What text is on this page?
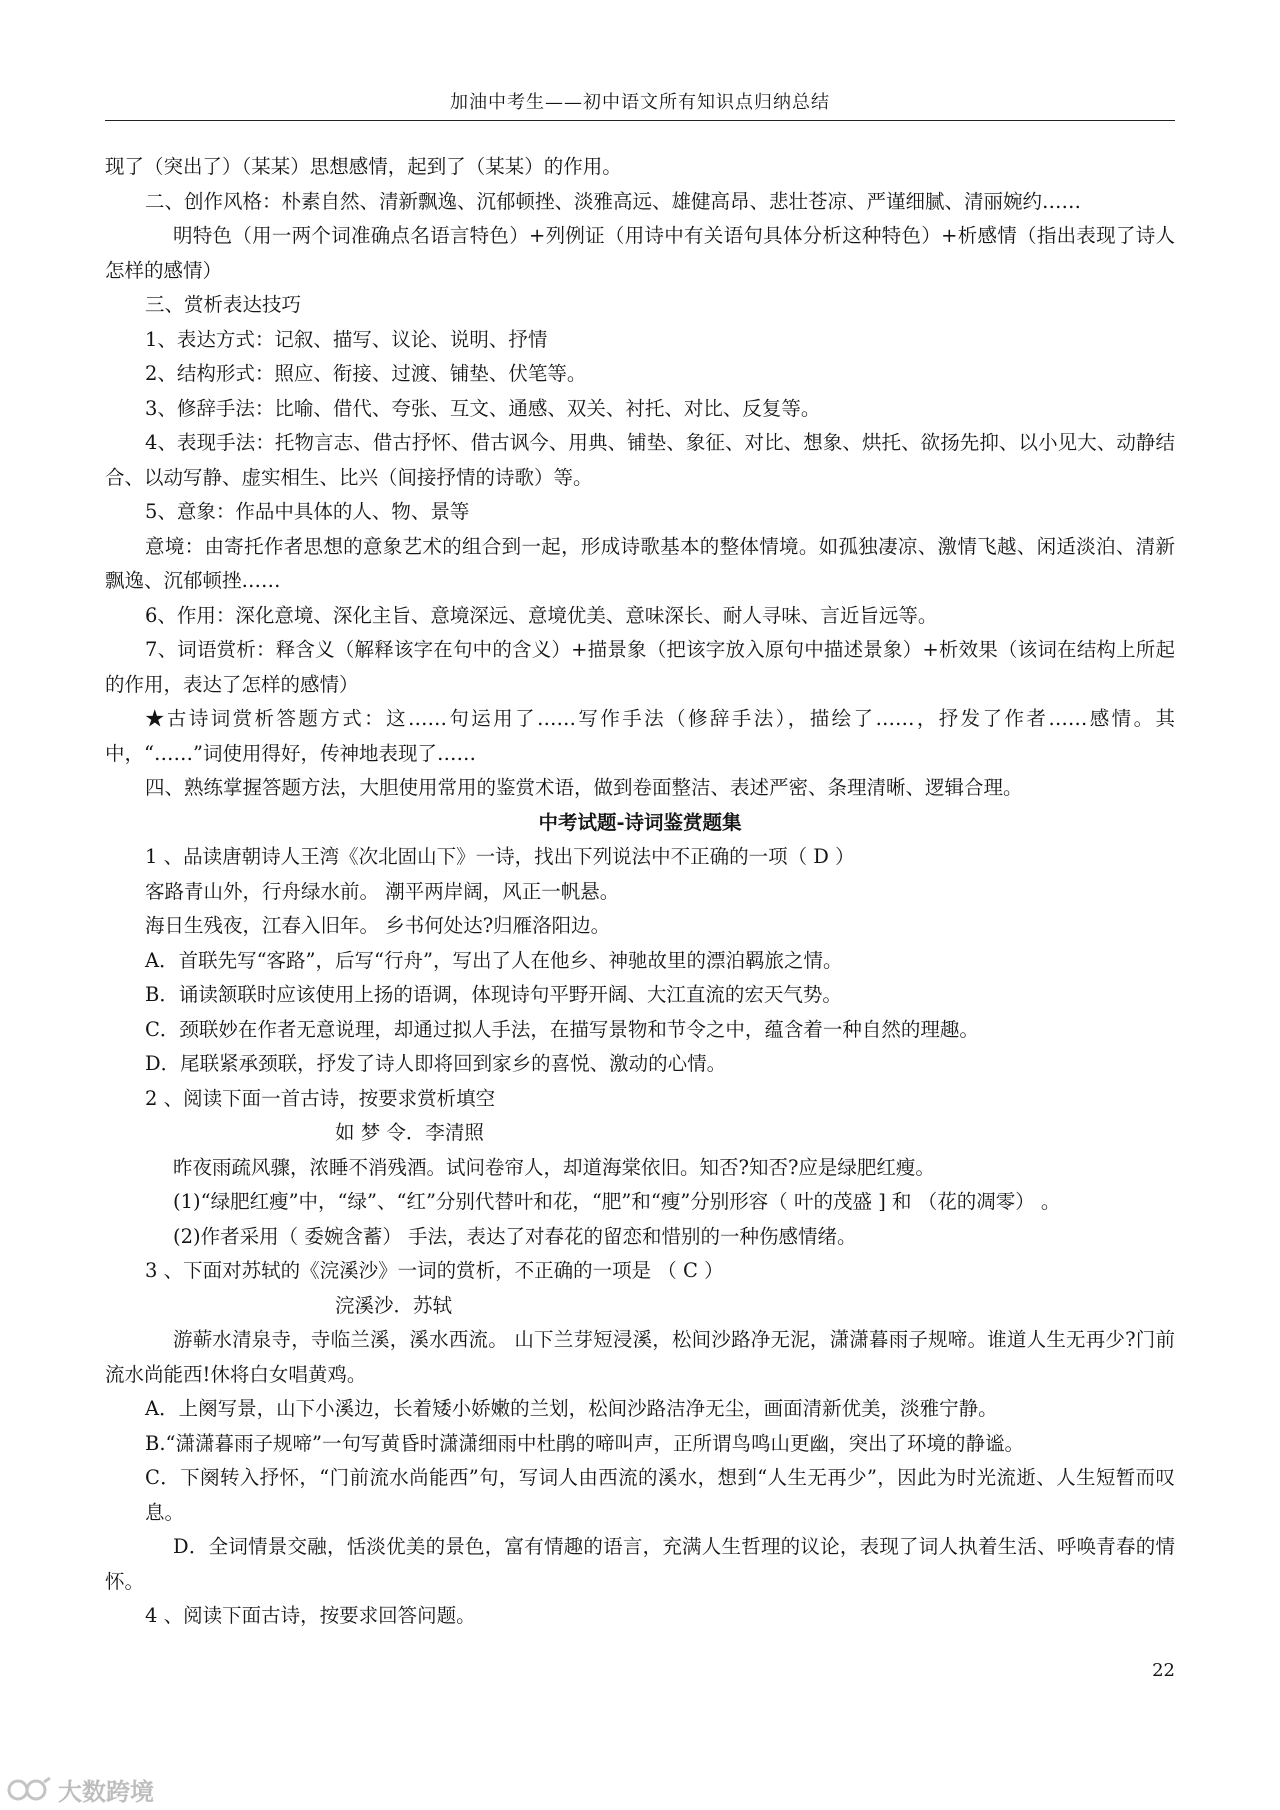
加油中考生——初中语文所有知识点归纳总结

现了（突出了）（某某）思想感情，起到了（某某）的作用。

二、创作风格：朴素自然、清新飘逸、沉郁顿挫、淡雅高远、雄健高昂、悲壮苍凉、严谨细腻、清丽婉约……

明特色（用一两个词准确点名语言特色）+列例证（用诗中有关语句具体分析这种特色）+析感情（指出表现了诗人怎样的感情）

三、赏析表达技巧

1、表达方式：记叙、描写、议论、说明、抒情

2、结构形式：照应、衔接、过渡、铺垫、伏笔等。

3、修辞手法：比喻、借代、夸张、互文、通感、双关、衬托、对比、反复等。

4、表现手法：托物言志、借古抒怀、借古讽今、用典、铺垫、象征、对比、想象、烘托、欲扬先抑、以小见大、动静结合、以动写静、虚实相生、比兴（间接抒情的诗歌）等。

5、意象：作品中具体的人、物、景等

意境：由寄托作者思想的意象艺术的组合到一起，形成诗歌基本的整体情境。如孤独凄凉、激情飞越、闲适淡泊、清新飘逸、沉郁顿挫……

6、作用：深化意境、深化主旨、意境深远、意境优美、意味深长、耐人寻味、言近旨远等。

7、词语赏析：释含义（解释该字在句中的含义）+描景象（把该字放入原句中描述景象）+析效果（该词在结构上所起的作用，表达了怎样的感情）

★古诗词赏析答题方式：这……句运用了……写作手法（修辞手法），描绘了……，抒发了作者……感情。其中，“……”词使用得好，传神地表现了……

四、熟练掌握答题方法，大胆使用常用的鉴赏术语，做到卷面整洁、表述严密、条理清晰、逻辑合理。

中考试题-诗词鉴赏题集

1 、品读唐朝诗人王湾《次北固山下》一诗，找出下列说法中不正确的一项（ D ）

客路青山外，行舟绿水前。 潮平两岸阔，风正一帆悬。

海日生残夜，江春入旧年。 乡书何处达?归雁洛阳边。

A．首联先写“客路”，后写“行舟”，写出了人在他乡、神驰故里的漂泊羁旅之情。

B．诵读颔联时应该使用上扬的语调，体现诗句平野开阔、大江直流的宏天气势。

C．颈联妙在作者无意说理，却通过拟人手法，在描写景物和节令之中，蕴含着一种自然的理趣。

D．尾联紧承颈联，抒发了诗人即将回到家乡的喜悦、激动的心情。

2 、阅读下面一首古诗，按要求赏析填空

如 梦 令．李清照

昨夜雨疏风骤，浓睡不消残酒。试问卷帘人，却道海棠依旧。知否?知否?应是绿肥红瘦。

(1)“绿肥红瘦”中，“绿”、“红”分别代替叶和花，“肥”和“瘦”分别形容（ 叶的茂盛 ] 和 （花的凋零） 。

(2)作者采用（ 委婉含蓄） 手法，表达了对春花的留恋和惜别的一种伤感情绪。

3 、下面对苏轼的《浣溪沙》一词的赏析，不正确的一项是 （ C ）

浣溪沙．苏轼

游蕲水清泉寺，寺临兰溪，溪水西流。 山下兰芽短浸溪，松间沙路净无泥，潇潇暮雨子规啼。谁道人生无再少?门前流水尚能西!休将白女唱黄鸡。

A．上阕写景，山下小溪边，长着矮小娇嫩的兰划，松间沙路洁净无尘，画面清新优美，淡雅宁静。

B.“潇潇暮雨子规啼”一句写黄昏时潇潇细雨中杜鹃的啼叫声，正所谓鸟鸣山更幽，突出了环境的静谧。

C．下阕转入抒怀，“门前流水尚能西”句，写词人由西流的溪水，想到“人生无再少”，因此为时光流逝、人生短暂而叹息。

D．全词情景交融，恬淡优美的景色，富有情趣的语言，充满人生哲理的议论，表现了词人执着生活、呼唤青春的情怀。

4 、阅读下面古诗，按要求回答问题。

22
大数跨境
